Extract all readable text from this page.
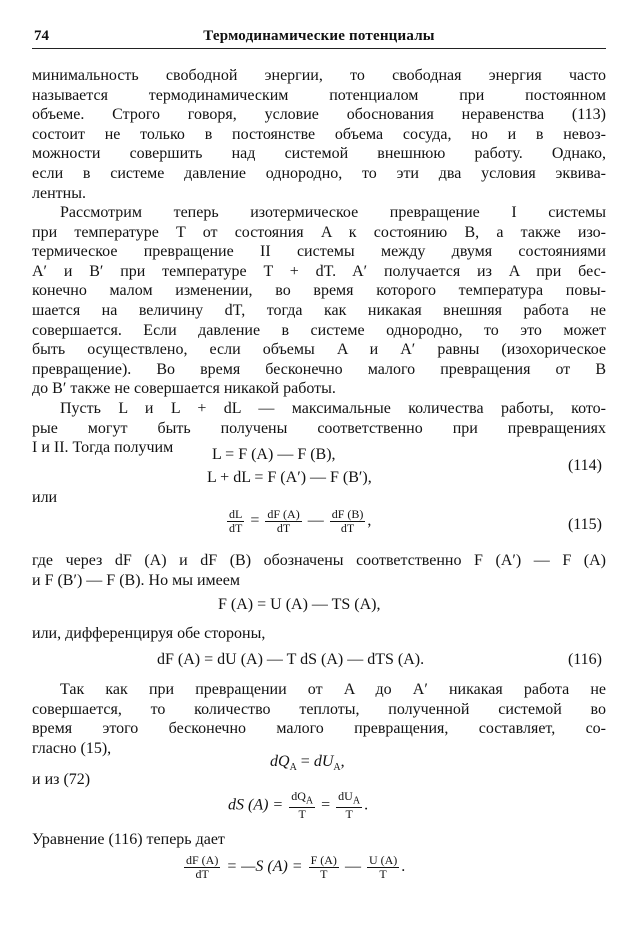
74	Термодинамические потенциалы

минимальность свободной энергии, то свободная энергия часто

называется термодинамическим потенциалом при постоянном

объеме. Строго говоря, условие обоснования неравенства (113)

состоит не только в постоянстве объема сосуда, но и в невоз-

можности совершить над системой внешнюю работу. Однако,

если в системе давление однородно, то эти два условия эквива-

лентны.

Рассмотрим теперь изотермическое превращение I системы

при температуре T от состояния A к состоянию B, а также изо-

термическое превращение II системы между двумя состояниями

A′ и B′ при температуре T + dT. A′ получается из A при бес-

конечно малом изменении, во время которого температура повы-

шается на величину dT, тогда как никакая внешняя работа не

совершается. Если давление в системе однородно, то это может

быть осуществлено, если объемы A и A′ равны (изохорическое

превращение). Во время бесконечно малого превращения от B

до B′ также не совершается никакой работы.

Пусть L и L + dL — максимальные количества работы, кото-

рые могут быть получены соответственно при превращениях

I и II. Тогда получим	L = F (A) — F (B),
L + dL = F (A′) — F (B′),
(114)

или

$\frac{dL}{dT} = \frac{dF (A)}{dT}$ — $\frac{dF (B)}{dT}$ ,	(115)

где через dF (A) и dF (B) обозначены соответственно F (A′) — F (A)

и F (B′) — F (B). Но мы имеем

F (A) = U (A) — TS (A),

или, дифференцируя обе стороны,

dF (A) = dU (A) — T dS (A) — dTS (A).	(116)

Так как при превращении от A до A′ никакая работа не

совершается, то количество теплоты, полученной системой во

время этого бесконечно малого превращения, составляет, со-

гласно (15),

$dQ_A = dU_A$,

и из (72)

dS $(A) = \frac{dQ_A}{T} = \frac{dU_A}{T}$ .

Уравнение (116) теперь дает

$\frac{dF (A)}{dT}$ = —S $(A) = \frac{F (A)}{T}$ — $\frac{U (A)}{T}$ .
